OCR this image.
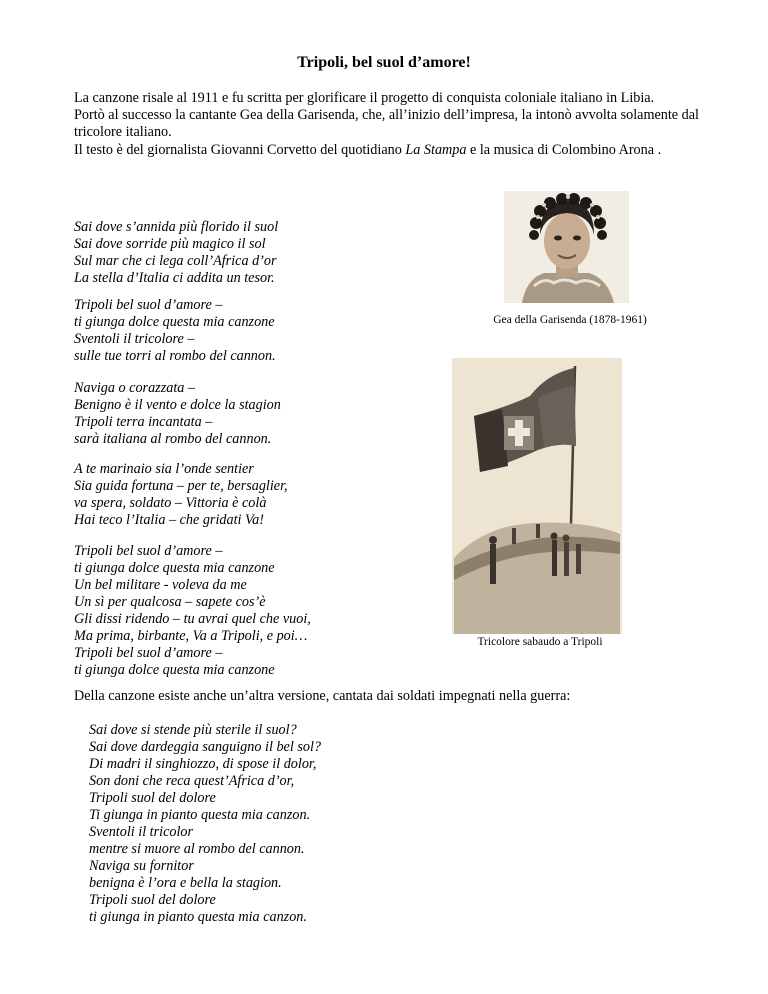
Tripoli, bel suol d’amore!

La canzone risale al 1911 e fu scritta per glorificare il progetto di conquista coloniale italiano in Libia.

Portò al successo la cantante Gea della Garisenda, che, all’inizio dell’impresa, la intonò avvolta solamente dal tricolore italiano.

Il testo è del giornalista Giovanni Corvetto del quotidiano La Stampa e la musica di Colombino Arona .

Sai dove s’annida più florido il suol
Sai dove sorride più magico il sol
Sul mar che ci lega coll’Africa d’or
La stella d’Italia ci addita un tesor.
Tripoli bel suol d’amore –
ti giunga dolce questa mia canzone
Sventoli il tricolore –
sulle tue torri al rombo del cannon.
Naviga o corazzata –
Benigno è il vento e dolce la stagion
Tripoli terra incantata –
sarà italiana al rombo del cannon.
A te marinaio sia l’onde sentier
Sia guida fortuna – per te, bersaglier,
va spera, soldato – Vittoria è colà
Hai teco l’Italia – che gridati Va!
Tripoli bel suol d’amore –
ti giunga dolce questa mia canzone
Un bel militare - voleva da me
Un sì per qualcosa – sapete cos’è
Gli dissi ridendo – tu avrai quel che vuoi,
Ma prima, birbante, Va a Tripoli, e poi…
Tripoli bel suol d’amore –
ti giunga dolce questa mia canzone
Gea della Garisenda (1878-1961)
Tricolore sabaudo a Tripoli
Della canzone esiste anche un’altra versione, cantata dai soldati impegnati nella guerra:
Sai dove si stende più sterile il suol?
Sai dove dardeggia sanguigno il bel sol?
Di madri il singhiozzo, di spose il dolor,
Son doni che reca quest’Africa d’or,
Tripoli suol del dolore
Ti giunga in pianto questa mia canzon.
Sventoli il tricolor
mentre si muore al rombo del cannon.
Naviga su fornitor
benigna è l’ora e bella la stagion.
Tripoli suol del dolore
ti giunga in pianto questa mia canzon.
